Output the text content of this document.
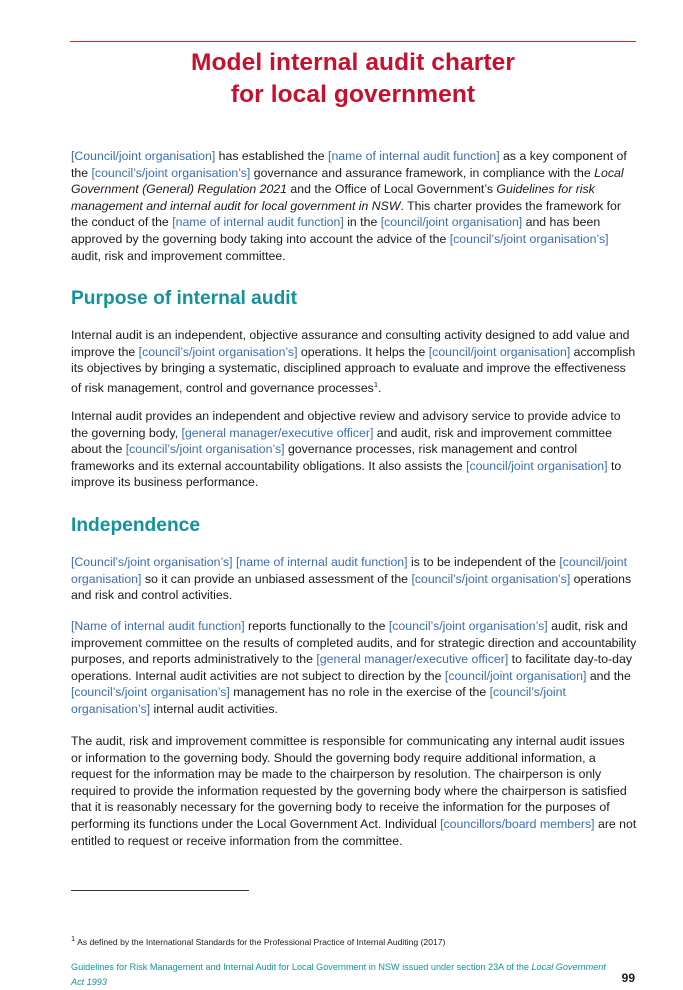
Model internal audit charter
for local government

[Council/joint organisation] has established the [name of internal audit function] as a key component of the [council’s/joint organisation’s] governance and assurance framework, in compliance with the Local Government (General) Regulation 2021 and the Office of Local Government’s Guidelines for risk management and internal audit for local government in NSW. This charter provides the framework for the conduct of the [name of internal audit function] in the [council/joint organisation] and has been approved by the governing body taking into account the advice of the [council’s/joint organisation’s] audit, risk and improvement committee.

Purpose of internal audit

Internal audit is an independent, objective assurance and consulting activity designed to add value and improve the [council’s/joint organisation’s] operations. It helps the [council/joint organisation] accomplish its objectives by bringing a systematic, disciplined approach to evaluate and improve the effectiveness of risk management, control and governance processes$^1$.

Internal audit provides an independent and objective review and advisory service to provide advice to the governing body, [general manager/executive officer] and audit, risk and improvement committee about the [council’s/joint organisation’s] governance processes, risk management and control frameworks and its external accountability obligations. It also assists the [council/joint organisation] to improve its business performance.

Independence

[Council’s/joint organisation’s] [name of internal audit function] is to be independent of the [council/joint organisation] so it can provide an unbiased assessment of the [council’s/joint organisation’s] operations and risk and control activities.

[Name of internal audit function] reports functionally to the [council’s/joint organisation’s] audit, risk and improvement committee on the results of completed audits, and for strategic direction and accountability purposes, and reports administratively to the [general manager/executive officer] to facilitate day-to-day operations. Internal audit activities are not subject to direction by the [council/joint organisation] and the [council’s/joint organisation’s] management has no role in the exercise of the [council’s/joint organisation’s] internal audit activities.

The audit, risk and improvement committee is responsible for communicating any internal audit issues or information to the governing body. Should the governing body require additional information, a request for the information may be made to the chairperson by resolution. The chairperson is only required to provide the information requested by the governing body where the chairperson is satisfied that it is reasonably necessary for the governing body to receive the information for the purposes of performing its functions under the Local Government Act. Individual [councillors/board members] are not entitled to request or receive information from the committee.

$^1$ As defined by the International Standards for the Professional Practice of Internal Auditing (2017)
Guidelines for Risk Management and Internal Audit for Local Government in NSW issued under section 23A of the Local Government Act 1993	99
